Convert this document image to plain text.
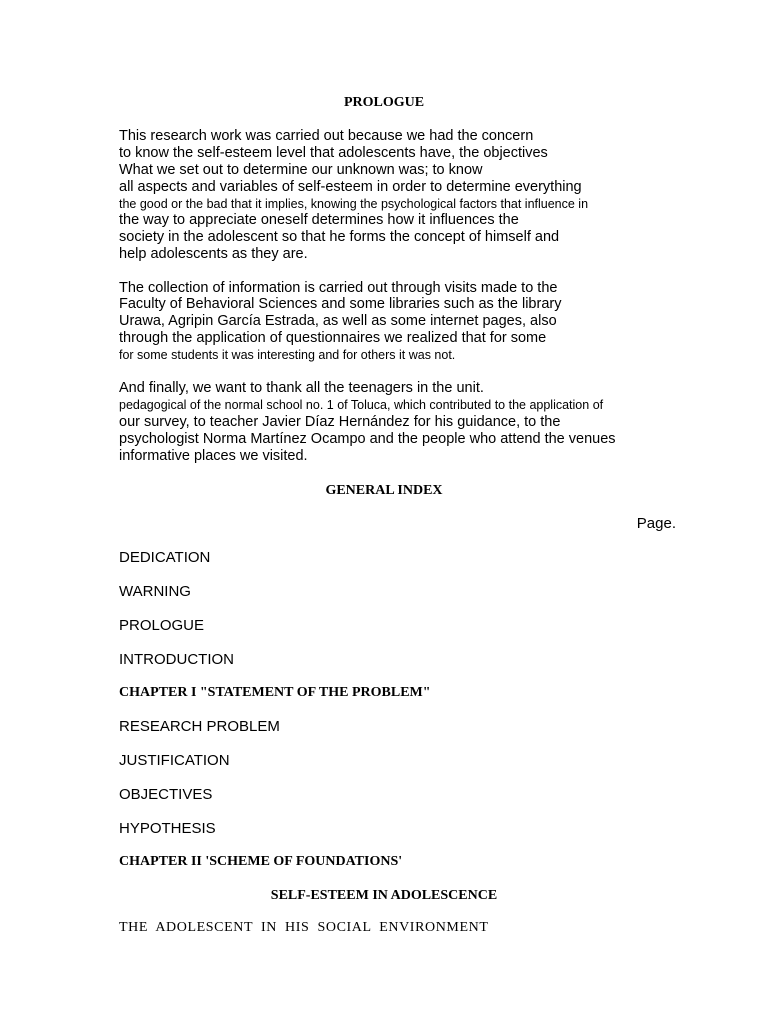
PROLOGUE
This research work was carried out because we had the concern
to know the self-esteem level that adolescents have, the objectives
What we set out to determine our unknown was; to know
all aspects and variables of self-esteem in order to determine everything
the good or the bad that it implies, knowing the psychological factors that influence in
the way to appreciate oneself determines how it influences the
society in the adolescent so that he forms the concept of himself and
help adolescents as they are.
The collection of information is carried out through visits made to the
Faculty of Behavioral Sciences and some libraries such as the library
Urawa, Agripin García Estrada, as well as some internet pages, also
through the application of questionnaires we realized that for some
for some students it was interesting and for others it was not.
And finally, we want to thank all the teenagers in the unit.
pedagogical of the normal school no. 1 of Toluca, which contributed to the application of
our survey, to teacher Javier Díaz Hernández for his guidance, to the
psychologist Norma Martínez Ocampo and the people who attend the venues
informative places we visited.
GENERAL INDEX
Page.
DEDICATION
WARNING
PROLOGUE
INTRODUCTION
CHAPTER I "STATEMENT OF THE PROBLEM"
RESEARCH PROBLEM
JUSTIFICATION
OBJECTIVES
HYPOTHESIS
CHAPTER II 'SCHEME OF FOUNDATIONS'
SELF-ESTEEM IN ADOLESCENCE
THE ADOLESCENT IN HIS SOCIAL ENVIRONMENT
